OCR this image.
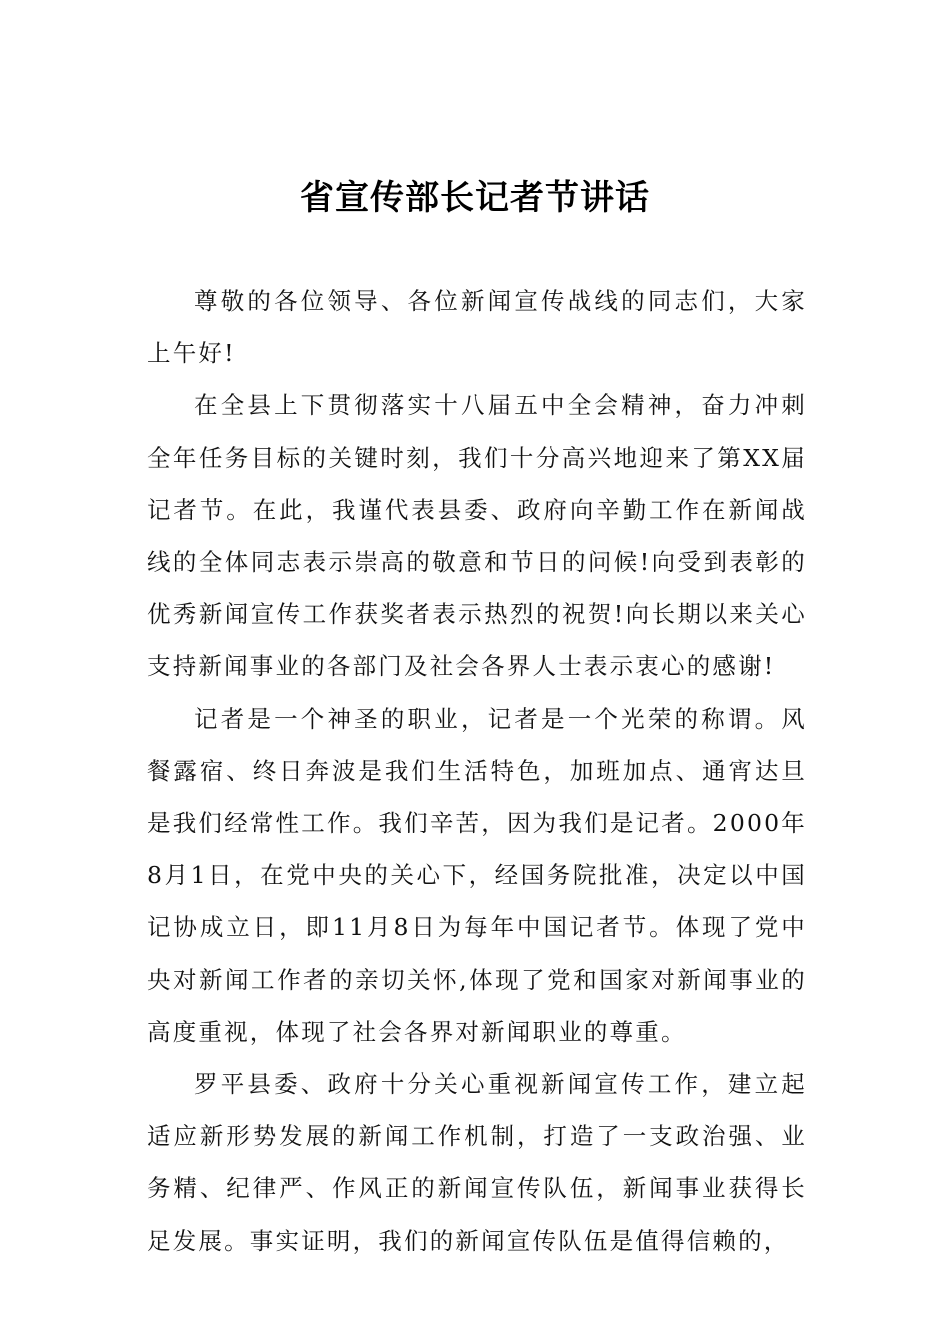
省宣传部长记者节讲话

尊敬的各位领导、各位新闻宣传战线的同志们，大家上午好!

在全县上下贯彻落实十八届五中全会精神，奋力冲刺全年任务目标的关键时刻，我们十分高兴地迎来了第XX届记者节。在此，我谨代表县委、政府向辛勤工作在新闻战线的全体同志表示崇高的敬意和节日的问候!向受到表彰的优秀新闻宣传工作获奖者表示热烈的祝贺!向长期以来关心支持新闻事业的各部门及社会各界人士表示衷心的感谢!

记者是一个神圣的职业，记者是一个光荣的称谓。风餐露宿、终日奔波是我们生活特色，加班加点、通宵达旦是我们经常性工作。我们辛苦，因为我们是记者。2000年8月1日，在党中央的关心下，经国务院批准，决定以中国记协成立日，即11月8日为每年中国记者节。体现了党中央对新闻工作者的亲切关怀,体现了党和国家对新闻事业的高度重视，体现了社会各界对新闻职业的尊重。

罗平县委、政府十分关心重视新闻宣传工作，建立起适应新形势发展的新闻工作机制，打造了一支政治强、业务精、纪律严、作风正的新闻宣传队伍，新闻事业获得长足发展。事实证明，我们的新闻宣传队伍是值得信赖的，
